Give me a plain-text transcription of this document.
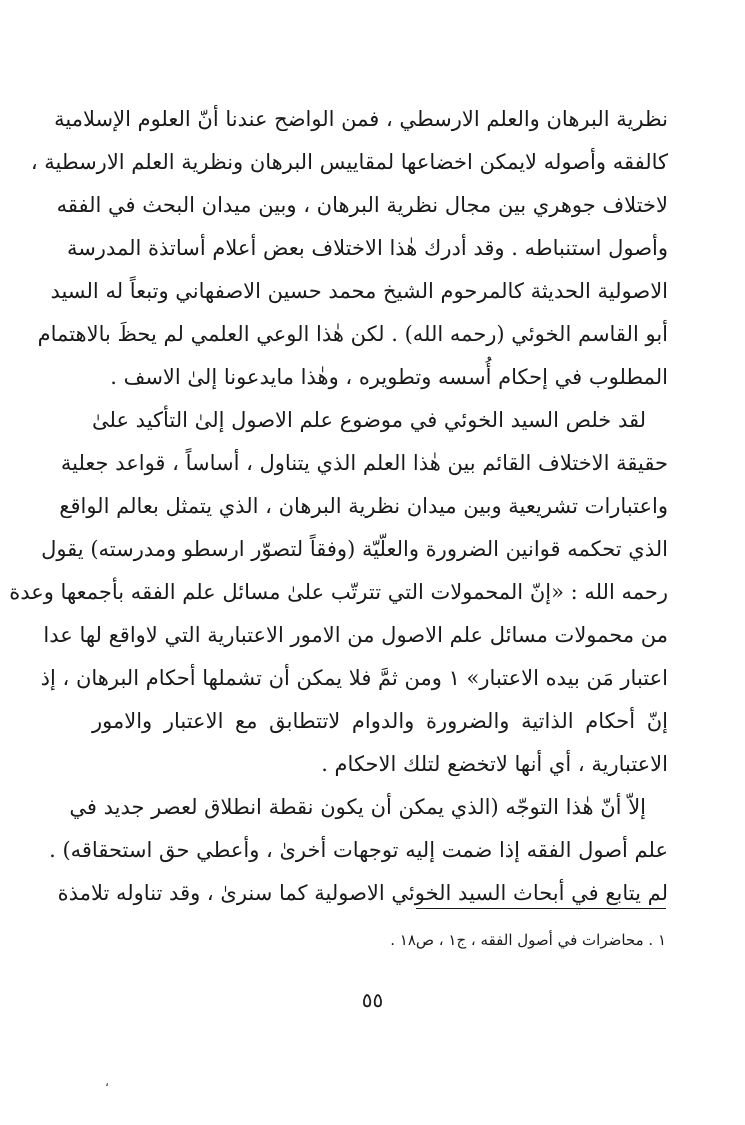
نظرية البرهان والعلم الارسطي ، فمن الواضح عندنا أنّ العلوم الإسلامية
كالفقه وأصوله لايمكن اخضاعها لمقاييس البرهان ونظرية العلم الارسطية ،
لاختلاف جوهري بين مجال نظرية البرهان ، وبين ميدان البحث في الفقه
وأصول استنباطه . وقد أدرك هٰذا الاختلاف بعض أعلام أساتذة المدرسة
الاصولية الحديثة كالمرحوم الشيخ محمد حسين الاصفهاني وتبعاً له السيد
أبو القاسم الخوئي (رحمه الله) . لكن هٰذا الوعي العلمي لم يحظَ بالاهتمام
المطلوب في إحكام أُسسه وتطويره ، وهٰذا مايدعونا إلىٰ الاسف .
لقد خلص السيد الخوئي في موضوع علم الاصول إلىٰ التأكيد علىٰ
حقيقة الاختلاف القائم بين هٰذا العلم الذي يتناول ، أساساً ، قواعد جعلية
واعتبارات تشريعية وبين ميدان نظرية البرهان ، الذي يتمثل بعالم الواقع
الذي تحكمه قوانين الضرورة والعلّيّة (وفقاً لتصوّر ارسطو ومدرسته) يقول
رحمه الله : «إنّ المحمولات التي تترتّب علىٰ مسائل علم الفقه بأجمعها وعدة
من محمولات مسائل علم الاصول من الامور الاعتبارية التي لاواقع لها عدا
اعتبار مَن بيده الاعتبار» ١ ومن ثمَّ فلا يمكن أن تشملها أحكام البرهان ، إذ
إنّ أحكام الذاتية والضرورة والدوام لاتتطابق مع الاعتبار والامور
الاعتبارية ، أي أنها لاتخضع لتلك الاحكام .
إلاّ أنّ هٰذا التوجّه (الذي يمكن أن يكون نقطة انطلاق لعصر جديد في
علم أصول الفقه إذا ضمت إليه توجهات أخرىٰ ، وأعطي حق استحقاقه) .
لم يتابع في أبحاث السيد الخوئي الاصولية كما سنرىٰ ، وقد تناوله تلامذة
١ . محاضرات في أصول الفقه ، ج١ ، ص١٨ .
٥٥
،
